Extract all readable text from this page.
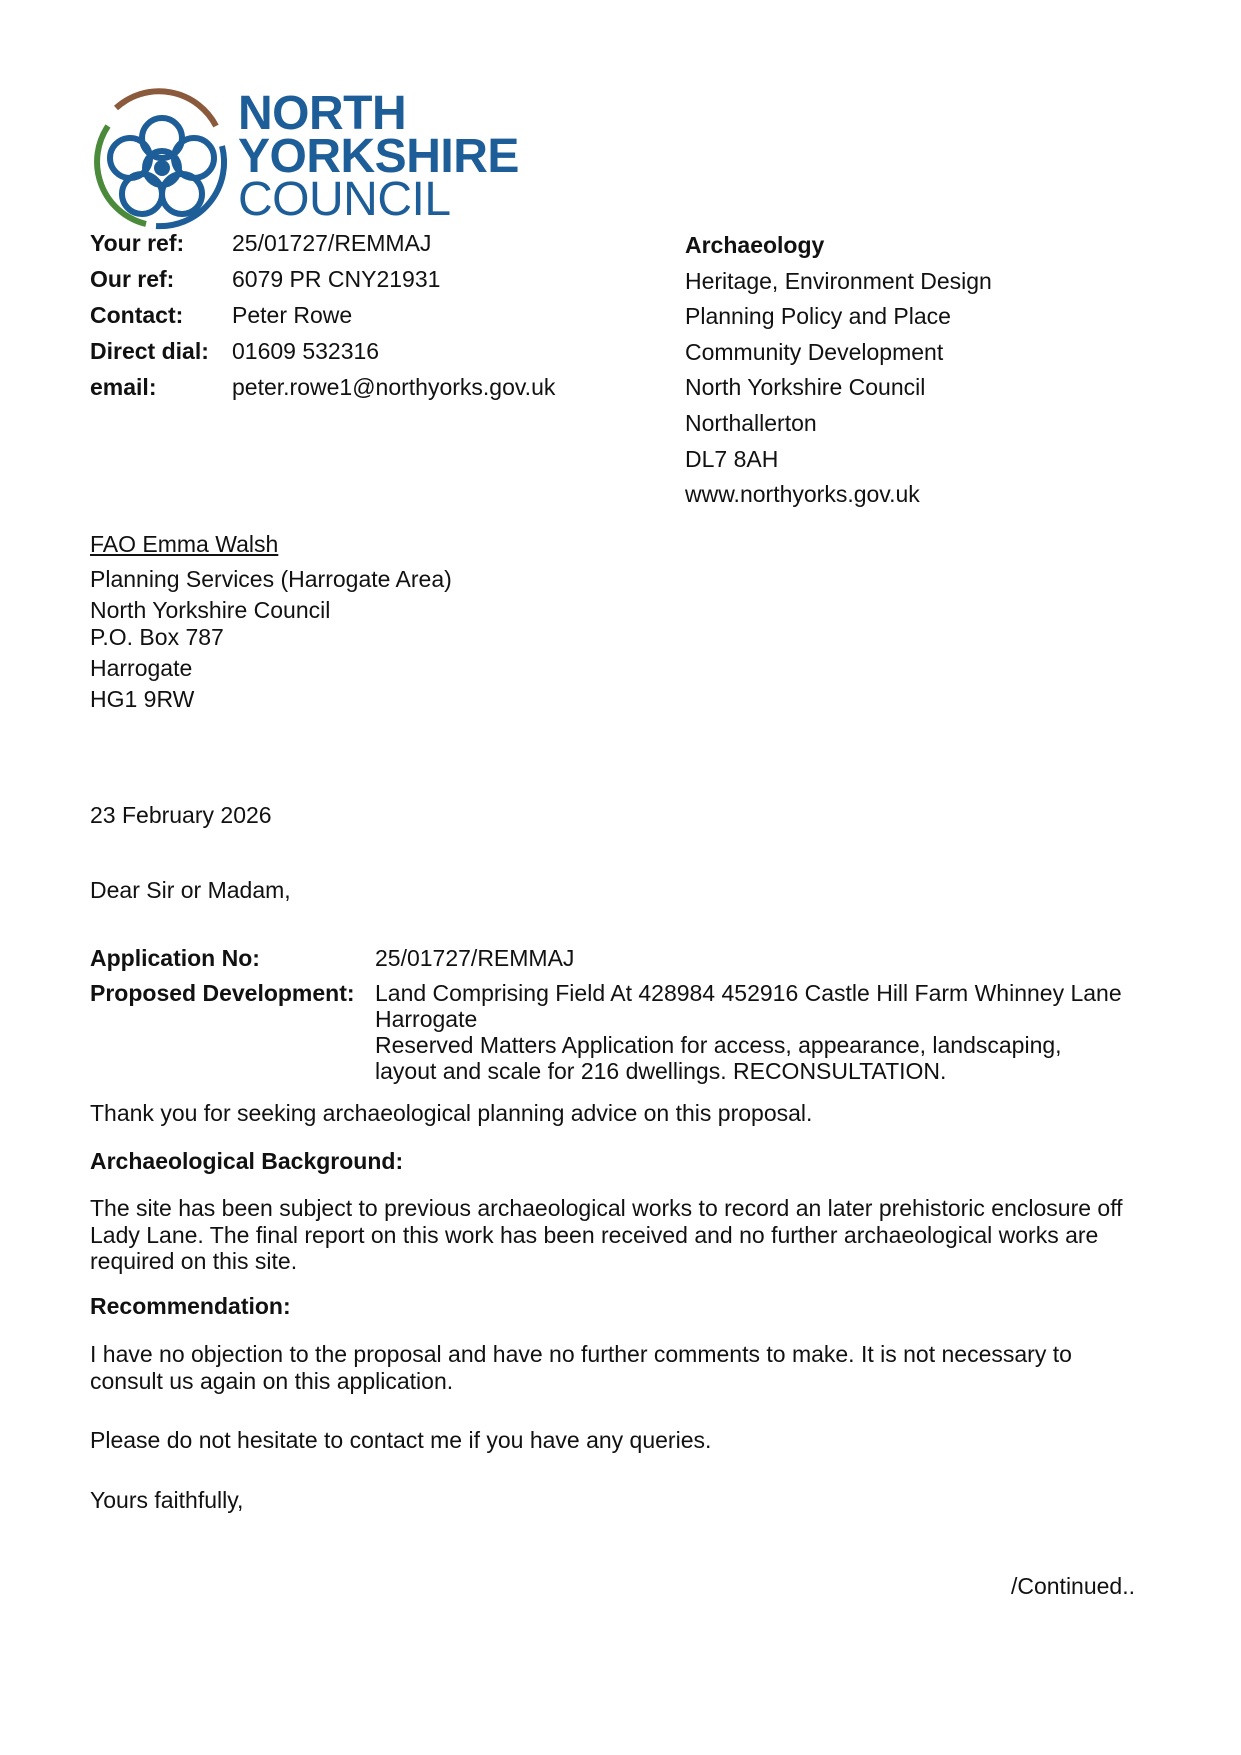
NORTH
YORKSHIRE
COUNCIL
Your ref:	25/01727/REMMAJ
Our ref:	6079 PR CNY21931
Contact:	Peter Rowe
Direct dial:	01609 532316
email:	peter.rowe1@northyorks.gov.uk
Archaeology
Heritage, Environment Design
Planning Policy and Place
Community Development
North Yorkshire Council
Northallerton
DL7 8AH
www.northyorks.gov.uk
FAO Emma Walsh
Planning Services (Harrogate Area)
North Yorkshire Council
P.O. Box 787
Harrogate
HG1 9RW
23 February 2026
Dear Sir or Madam,
Application No:	25/01727/REMMAJ
Proposed Development: Land Comprising Field At 428984 452916 Castle Hill Farm Whinney Lane
Harrogate
Reserved Matters Application for access, appearance, landscaping,
layout and scale for 216 dwellings. RECONSULTATION.
Thank you for seeking archaeological planning advice on this proposal.
Archaeological Background:
The site has been subject to previous archaeological works to record an later prehistoric enclosure off
Lady Lane. The final report on this work has been received and no further archaeological works are
required on this site.
Recommendation:
I have no objection to the proposal and have no further comments to make. It is not necessary to
consult us again on this application.
Please do not hesitate to contact me if you have any queries.
Yours faithfully,
/Continued..
